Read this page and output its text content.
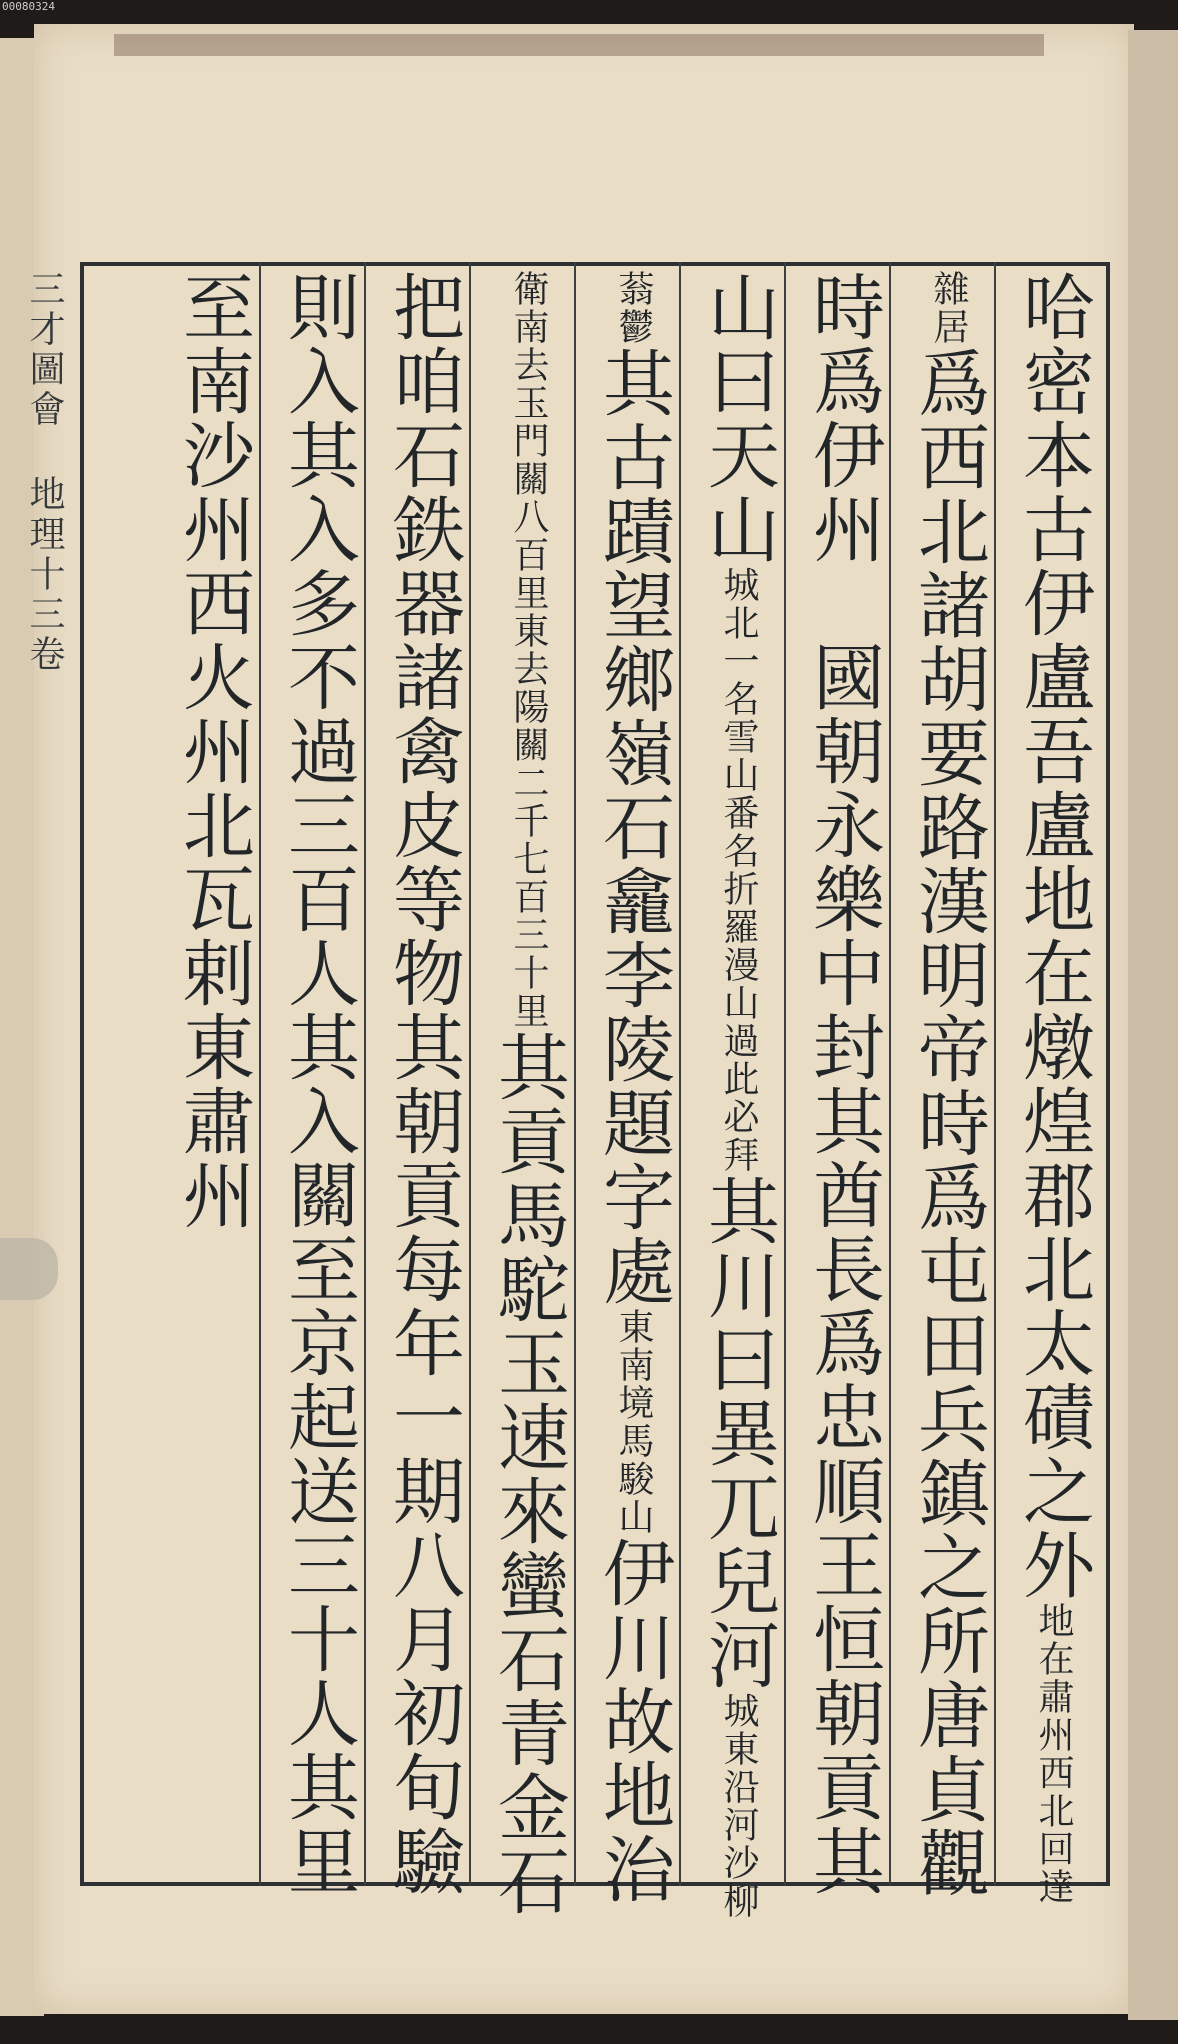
00080324
三才圖會 地理十三卷	哈密本古伊盧吾盧地在燉煌郡北太磧之外地在肅州西北回達
雜居爲西北諸胡要路漢明帝時爲屯田兵鎮之所唐貞觀
時爲伊州　國朝永樂中封其酋長爲忠順王恒朝貢其
山曰天山城北一名雪山番名折羅漫山過此必拜其川曰異兀兒河城東沿河沙柳
蓊鬱其古蹟望鄉嶺石龕李陵題字處東南境馬駿山伊川故地治
衛南去玉門關八百里東去陽關二千七百三十里其貢馬駝玉速來蠻石青金石
把咱石鉄器諸禽皮等物其朝貢每年一期八月初旬驗
則入其入多不過三百人其入關至京起送三十人其里
至南沙州西火州北瓦剌東肅州
